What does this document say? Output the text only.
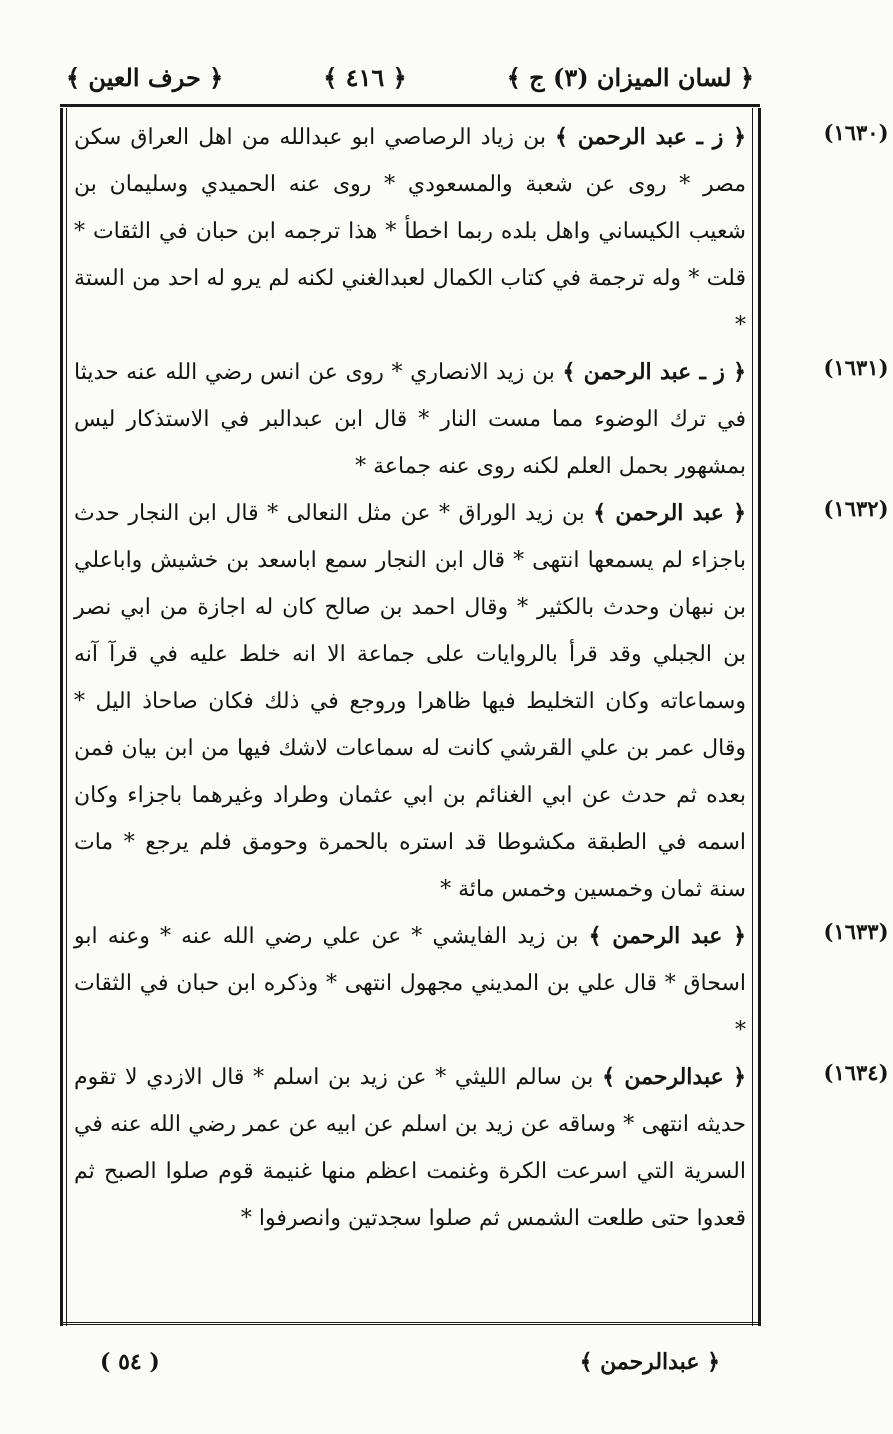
﴿ لسان الميزان (٣) ج ﴾
﴿ ٤١٦ ﴾
﴿ حرف العين ﴾
(١٦٣٠)

﴿ ز ـ عبد الرحمن ﴾ بن زياد الرصاصي ابو عبدالله من اهل العراق سكن مصر * روى عن شعبة والمسعودي * روى عنه الحميدي وسليمان بن شعيب الكيساني واهل بلده ربما اخطأ * هذا ترجمه ابن حبان في الثقات * قلت * وله ترجمة في كتاب الكمال لعبدالغني لكنه لم يرو له احد من الستة *

(١٦٣١)

﴿ ز ـ عبد الرحمن ﴾ بن زيد الانصاري * روى عن انس رضي الله عنه حديثا في ترك الوضوء مما مست النار * قال ابن عبدالبر في الاستذكار ليس بمشهور بحمل العلم لكنه روى عنه جماعة *

(١٦٣٢)

﴿ عبد الرحمن ﴾ بن زيد الوراق * عن مثل النعالى * قال ابن النجار حدث باجزاء لم يسمعها انتهى * قال ابن النجار سمع اباسعد بن خشيش واباعلي بن نبهان وحدث بالكثير * وقال احمد بن صالح كان له اجازة من ابي نصر بن الجبلي وقد قرأ بالروايات على جماعة الا انه خلط عليه في قرآ آنه وسماعاته وكان التخليط فيها ظاهرا وروجع في ذلك فكان صاحاذ اليل * وقال عمر بن علي القرشي كانت له سماعات لاشك فيها من ابن بيان فمن بعده ثم حدث عن ابي الغنائم بن ابي عثمان وطراد وغيرهما باجزاء وكان اسمه في الطبقة مكشوطا قد استره بالحمرة وحومق فلم يرجع * مات سنة ثمان وخمسين وخمس مائة *

(١٦٣٣)

﴿ عبد الرحمن ﴾ بن زيد الفايشي * عن علي رضي الله عنه * وعنه ابو اسحاق * قال علي بن المديني مجهول انتهى * وذكره ابن حبان في الثقات *

(١٦٣٤)

﴿ عبدالرحمن ﴾ بن سالم الليثي * عن زيد بن اسلم * قال الازدي لا تقوم حديثه انتهى * وساقه عن زيد بن اسلم عن ابيه عن عمر رضي الله عنه في السرية التي اسرعت الكرة وغنمت اعظم منها غنيمة قوم صلوا الصبح ثم قعدوا حتى طلعت الشمس ثم صلوا سجدتين وانصرفوا *

﴿ عبدالرحمن ﴾
( ٥٤ )
